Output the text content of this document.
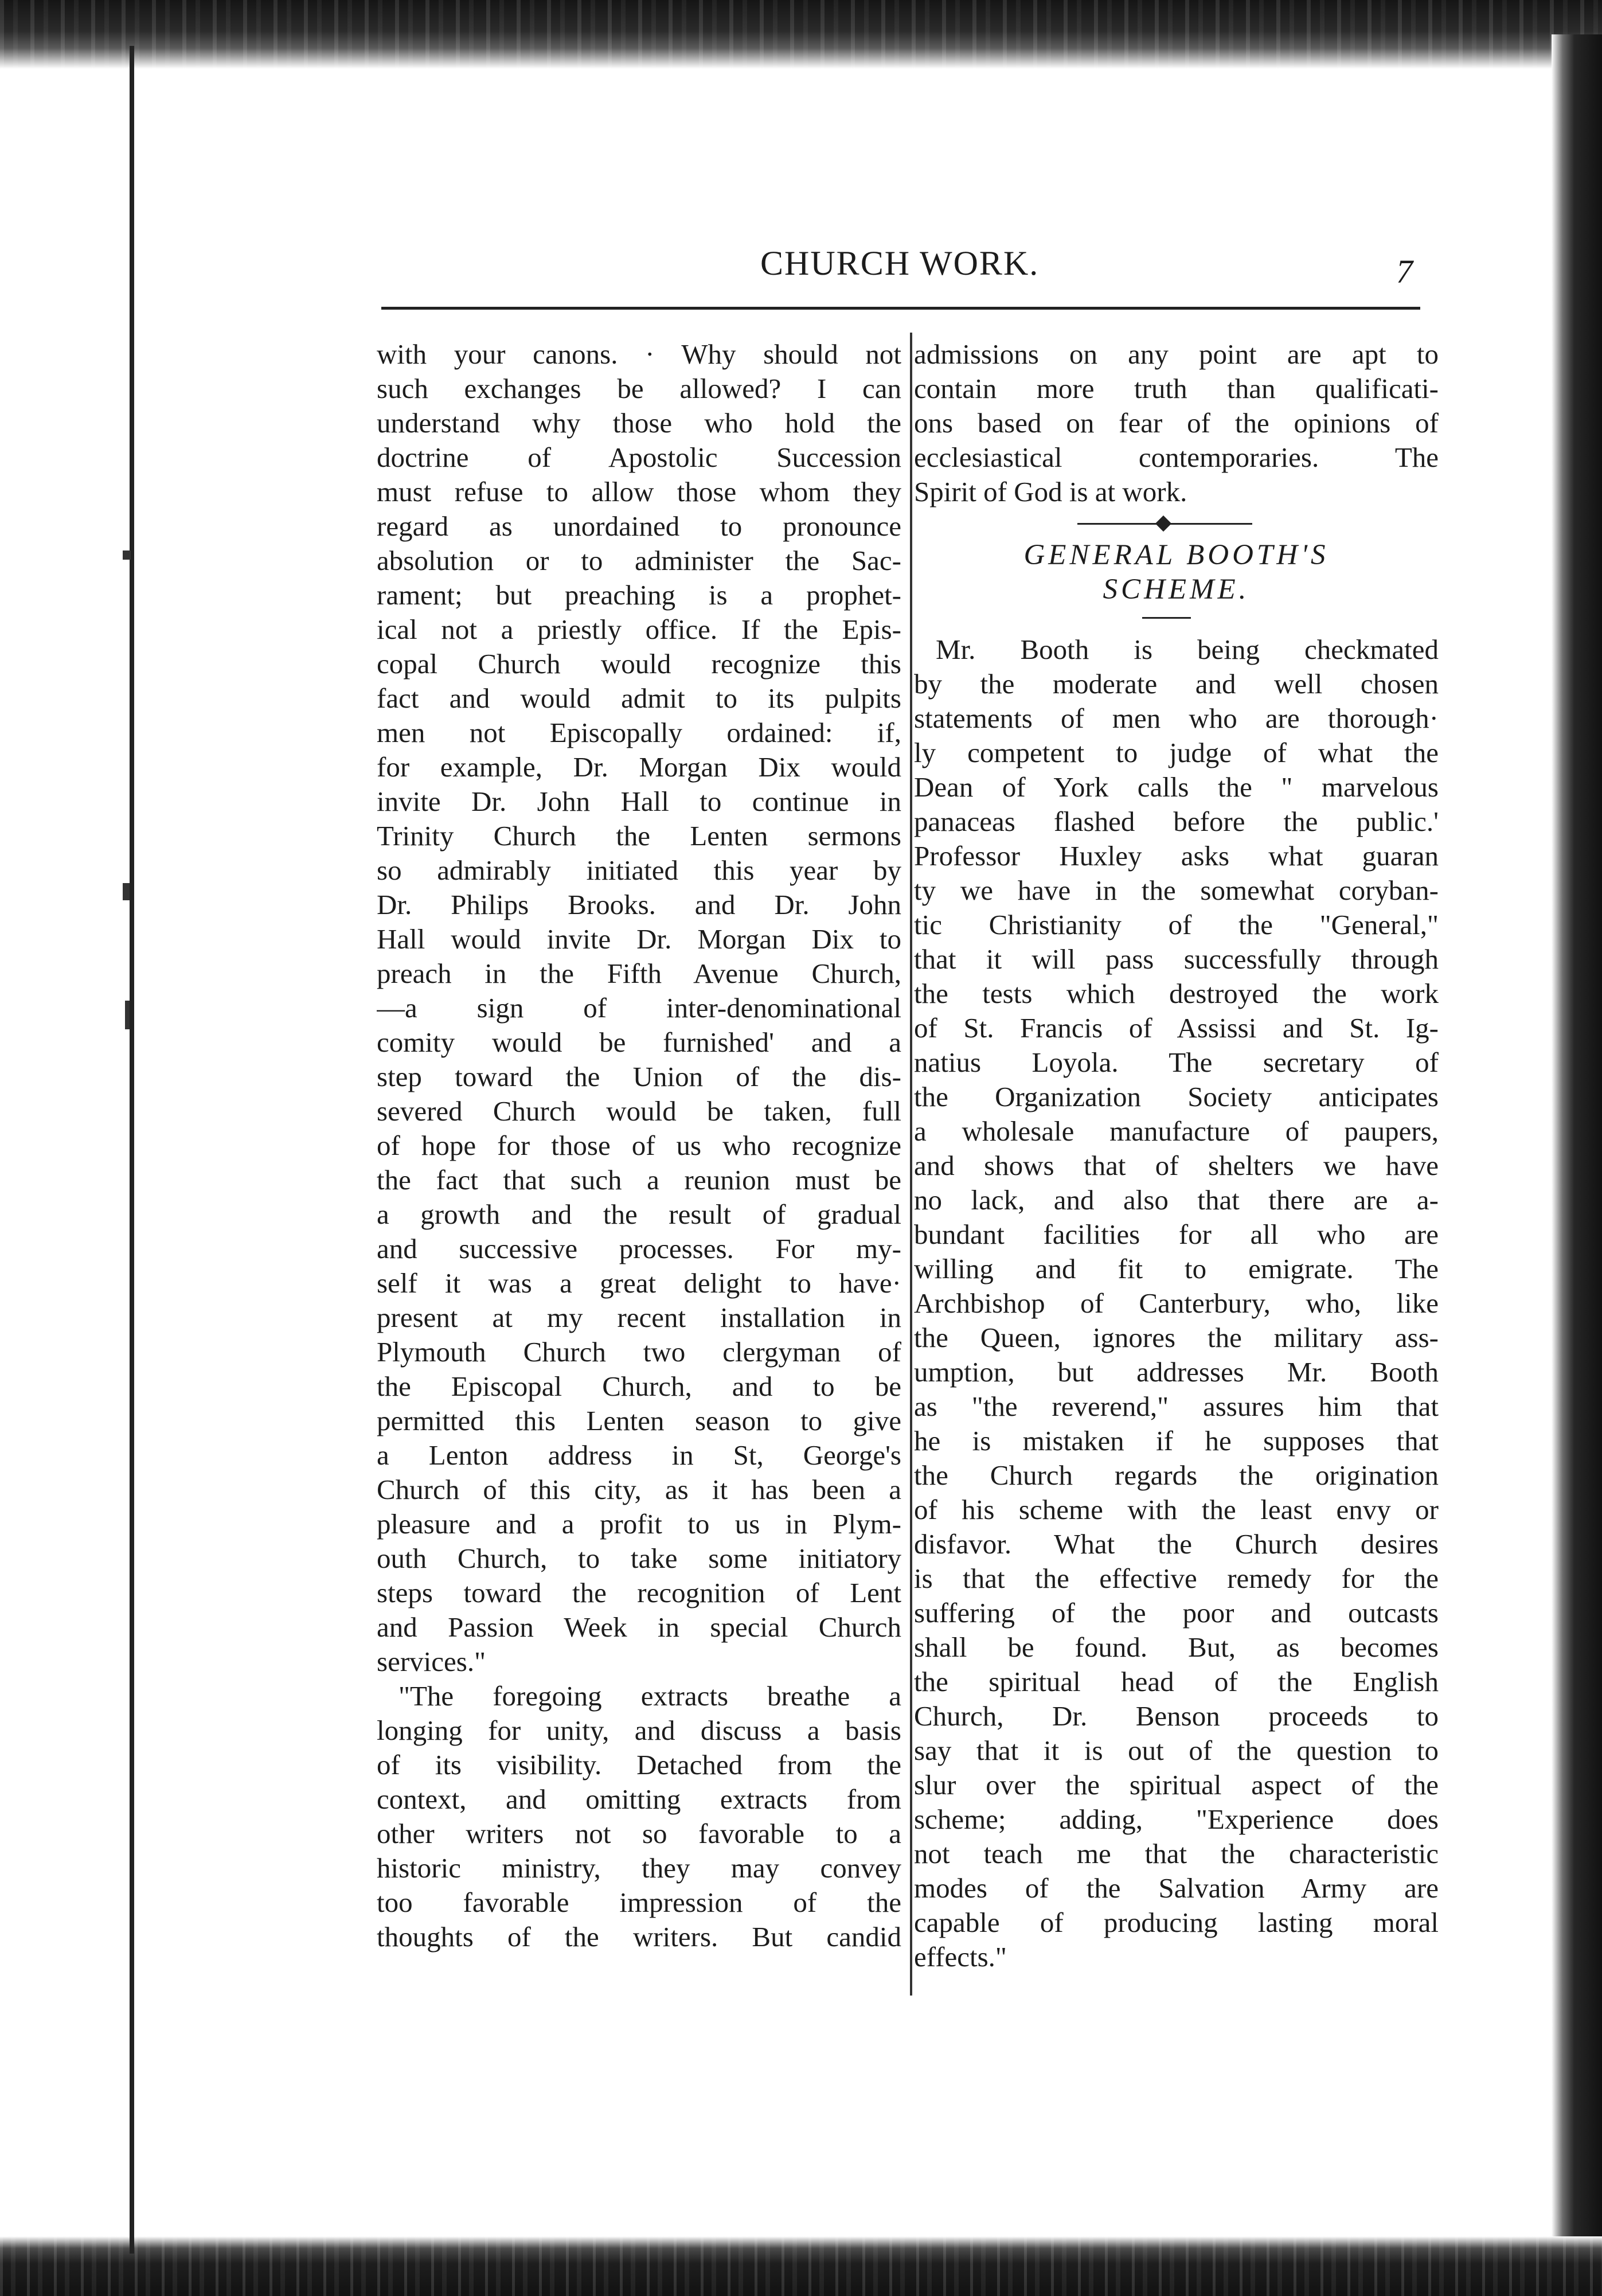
CHURCH WORK.	7
with your canons. · Why should not
such exchanges be allowed? I can
understand why those who hold the
doctrine of Apostolic Succession
must refuse to allow those whom they
regard as unordained to pronounce
absolution or to administer the Sac-
rament; but preaching is a prophet-
ical not a priestly office. If the Epis-
copal Church would recognize this
fact and would admit to its pulpits
men not Episcopally ordained: if,
for example, Dr. Morgan Dix would
invite Dr. John Hall to continue in
Trinity Church the Lenten sermons
so admirably initiated this year by
Dr. Philips Brooks. and Dr. John
Hall would invite Dr. Morgan Dix to
preach in the Fifth Avenue Church,
—a sign of inter-denominational
comity would be furnished' and a
step toward the Union of the dis-
severed Church would be taken, full
of hope for those of us who recognize
the fact that such a reunion must be
a growth and the result of gradual
and successive processes. For my-
self it was a great delight to have·
present at my recent installation in
Plymouth Church two clergyman of
the Episcopal Church, and to be
permitted this Lenten season to give
a Lenton address in St, George's
Church of this city, as it has been a
pleasure and a profit to us in Plym-
outh Church, to take some initiatory
steps toward the recognition of Lent
and Passion Week in special Church
services."
"The foregoing extracts breathe a
longing for unity, and discuss a basis
of its visibility. Detached from the
context, and omitting extracts from
other writers not so favorable to a
historic ministry, they may convey
too favorable impression of the
thoughts of the writers. But candid
admissions on any point are apt to
contain more truth than qualificati-
ons based on fear of the opinions of
ecclesiastical contemporaries. The
Spirit of God is at work.
GENERAL BOOTH'S
SCHEME.
Mr. Booth is being checkmated
by the moderate and well chosen
statements of men who are thorough·
ly competent to judge of what the
Dean of York calls the " marvelous
panaceas flashed before the public.'
Professor Huxley asks what guaran
ty we have in the somewhat coryban-
tic Christianity of the "General,"
that it will pass successfully through
the tests which destroyed the work
of St. Francis of Assissi and St. Ig-
natius Loyola. The secretary of
the Organization Society anticipates
a wholesale manufacture of paupers,
and shows that of shelters we have
no lack, and also that there are a-
bundant facilities for all who are
willing and fit to emigrate. The
Archbishop of Canterbury, who, like
the Queen, ignores the military ass-
umption, but addresses Mr. Booth
as "the reverend," assures him that
he is mistaken if he supposes that
the Church regards the origination
of his scheme with the least envy or
disfavor. What the Church desires
is that the effective remedy for the
suffering of the poor and outcasts
shall be found. But, as becomes
the spiritual head of the English
Church, Dr. Benson proceeds to
say that it is out of the question to
slur over the spiritual aspect of the
scheme; adding, "Experience does
not teach me that the characteristic
modes of the Salvation Army are
capable of producing lasting moral
effects."
